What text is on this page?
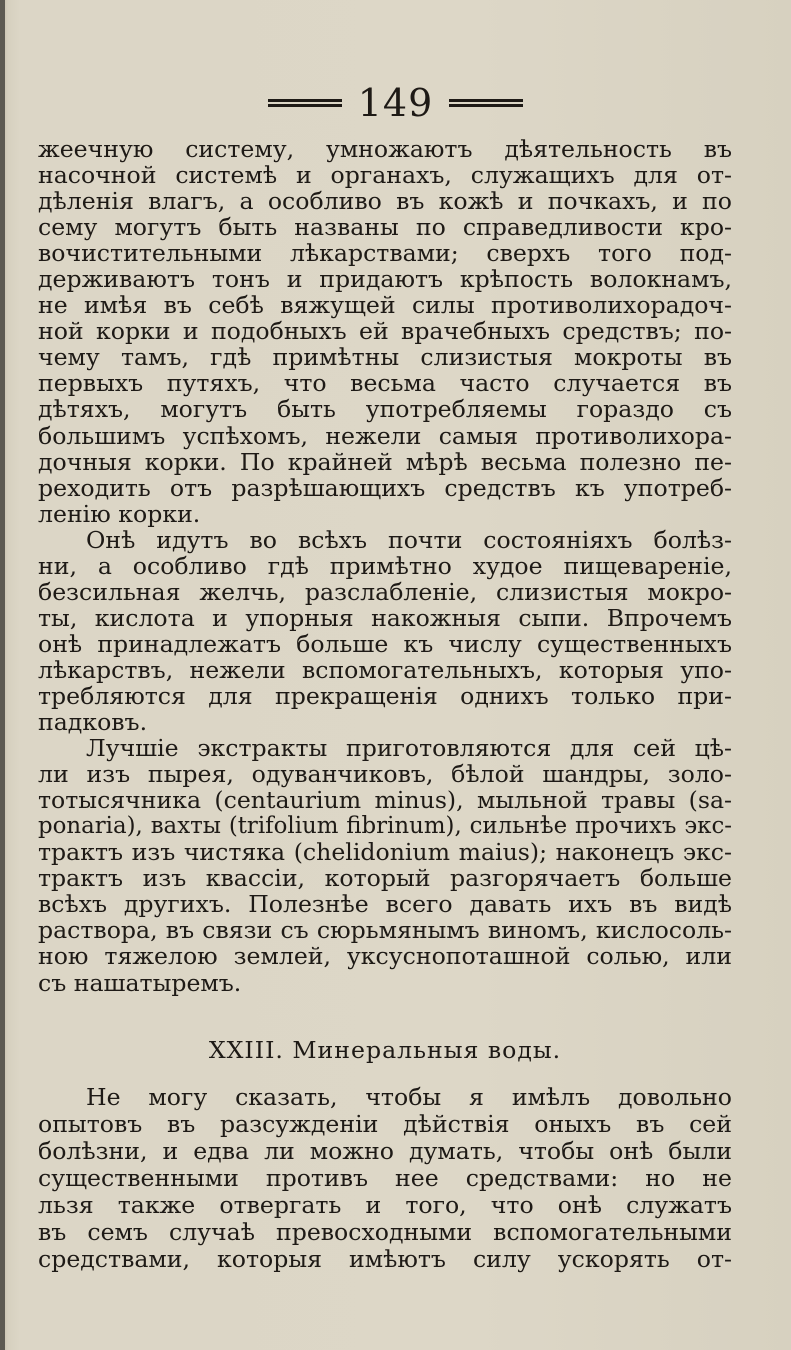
149
жеечную систему, умножаютъ дѣятельность въ
насочной системѣ и органахъ, служащихъ для от-
дѣленія влагъ, а особливо въ кожѣ и почкахъ, и по
сему могутъ быть названы по справедливости кро-
вочистительными лѣкарствами; сверхъ того под-
держиваютъ тонъ и придаютъ крѣпость волокнамъ,
не имѣя въ себѣ вяжущей силы противолихорадоч-
ной корки и подобныхъ ей врачебныхъ средствъ; по-
чему тамъ, гдѣ примѣтны слизистыя мокроты въ
первыхъ путяхъ, что весьма часто случается въ
дѣтяхъ, могутъ быть употребляемы гораздо съ
большимъ успѣхомъ, нежели самыя противолихора-
дочныя корки. По крайней мѣрѣ весьма полезно пе-
реходить отъ разрѣшающихъ средствъ къ употреб-
ленію корки.
Онѣ идутъ во всѣхъ почти состояніяхъ болѣз-
ни, а особливо гдѣ примѣтно худое пищевареніе,
безсильная желчь, разслабленіе, слизистыя мокро-
ты, кислота и упорныя накожныя сыпи. Впрочемъ
онѣ принадлежатъ больше къ числу существенныхъ
лѣкарствъ, нежели вспомогательныхъ, которыя упо-
требляются для прекращенія однихъ только при-
падковъ.
Лучшіе экстракты приготовляются для сей цѣ-
ли изъ пырея, одуванчиковъ, бѣлой шандры, золо-
тотысячника (centaurium minus), мыльной травы (sa-
ponaria), вахты (trifolium fibrinum), сильнѣе прочихъ экс-
трактъ изъ чистяка (chelidonium maius); наконецъ экс-
трактъ изъ квассіи, который разгорячаетъ больше
всѣхъ другихъ. Полезнѣе всего давать ихъ въ видѣ
раствора, въ связи съ сюрьмянымъ виномъ, кислосоль-
ною тяжелою землей, уксуснопоташной солью, или
съ нашатыремъ.
XXIII. Минеральныя воды.
Не могу сказать, чтобы я имѣлъ довольно
опытовъ въ разсужденіи дѣйствія оныхъ въ сей
болѣзни, и едва ли можно думать, чтобы онѣ были
существенными противъ нее средствами: но не
льзя также отвергать и того, что онѣ служатъ
въ семъ случаѣ превосходными вспомогательными
средствами, которыя имѣютъ силу ускорять от-
